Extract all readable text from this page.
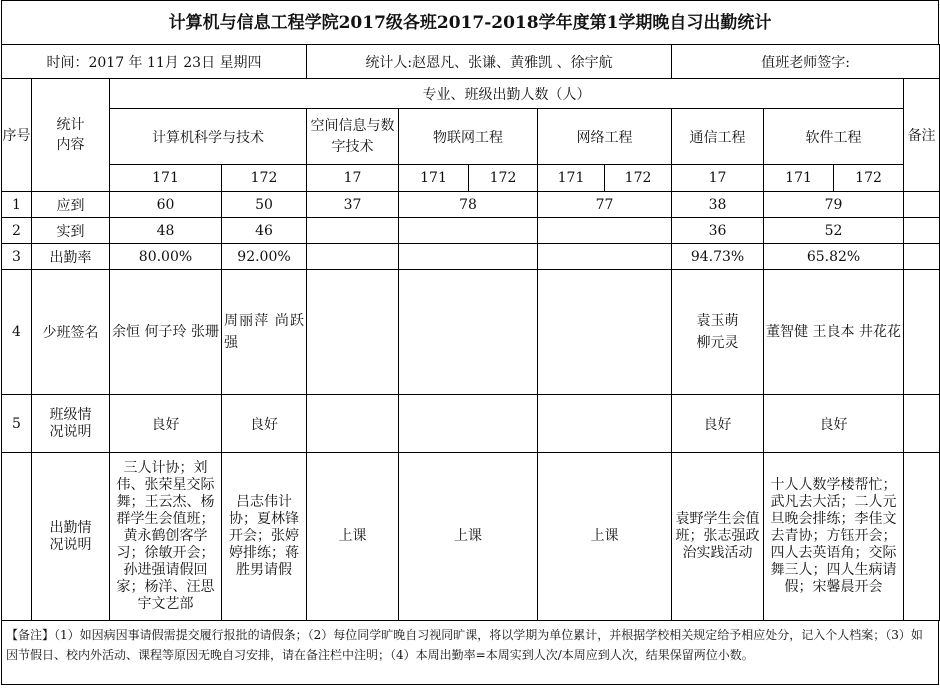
计算机与信息工程学院2017级各班2017-2018学年度第1学期晚自习出勤统计
时间：2017 年 11月 23日 星期四				统计人:赵恩凡、张谦、黄雅凯 、徐宇航					值班老师签字:			
序号	统计内容	专业、班级出勤人数（人）										备注
		计算机科学与技术		空间信息与数字技术	物联网工程		网络工程		通信工程	软件工程		
		171	172	17	171	172	171	172	17	171	172	
1	应到	60	50	37	78		77		38	79		
2	实到	48	46						36	52		
3	出勤率	80.00%	92.00%						94.73%	65.82%		
4	少班签名	余恒 何子玲 张珊	周丽萍 尚跃强						袁玉萌柳元灵	董智健 王良本 井花花		
5	班级情况说明	良好	良好						良好	良好		

	出勤情况说明	三人计协；刘伟、张荣星交际舞；王云杰、杨群学生会值班；黄永鹤创客学习；徐敏开会；孙进强请假回家；杨洋、汪思宇文艺部	吕志伟计协；夏林锋开会；张婷婷排练；蒋胜男请假	上课	上课		上课		袁野学生会值班；张志强政治实践活动	十人人数学楼帮忙；武凡去大活；二人元旦晚会排练；李佳文去青协；方钰开会；四人去英语角；交际舞三人；四人生病请假；宋馨晨开会		

【备注】（1）如因病因事请假需提交履行报批的请假条；（2）每位同学旷晚自习视同旷课，将以学期为单位累计，并根据学校相关规定给予相应处分，记入个人档案；（3）如因节假日、校内外活动、课程等原因无晚自习安排，请在备注栏中注明；（4）本周出勤率=本周实到人次/本周应到人次，结果保留两位小数。
